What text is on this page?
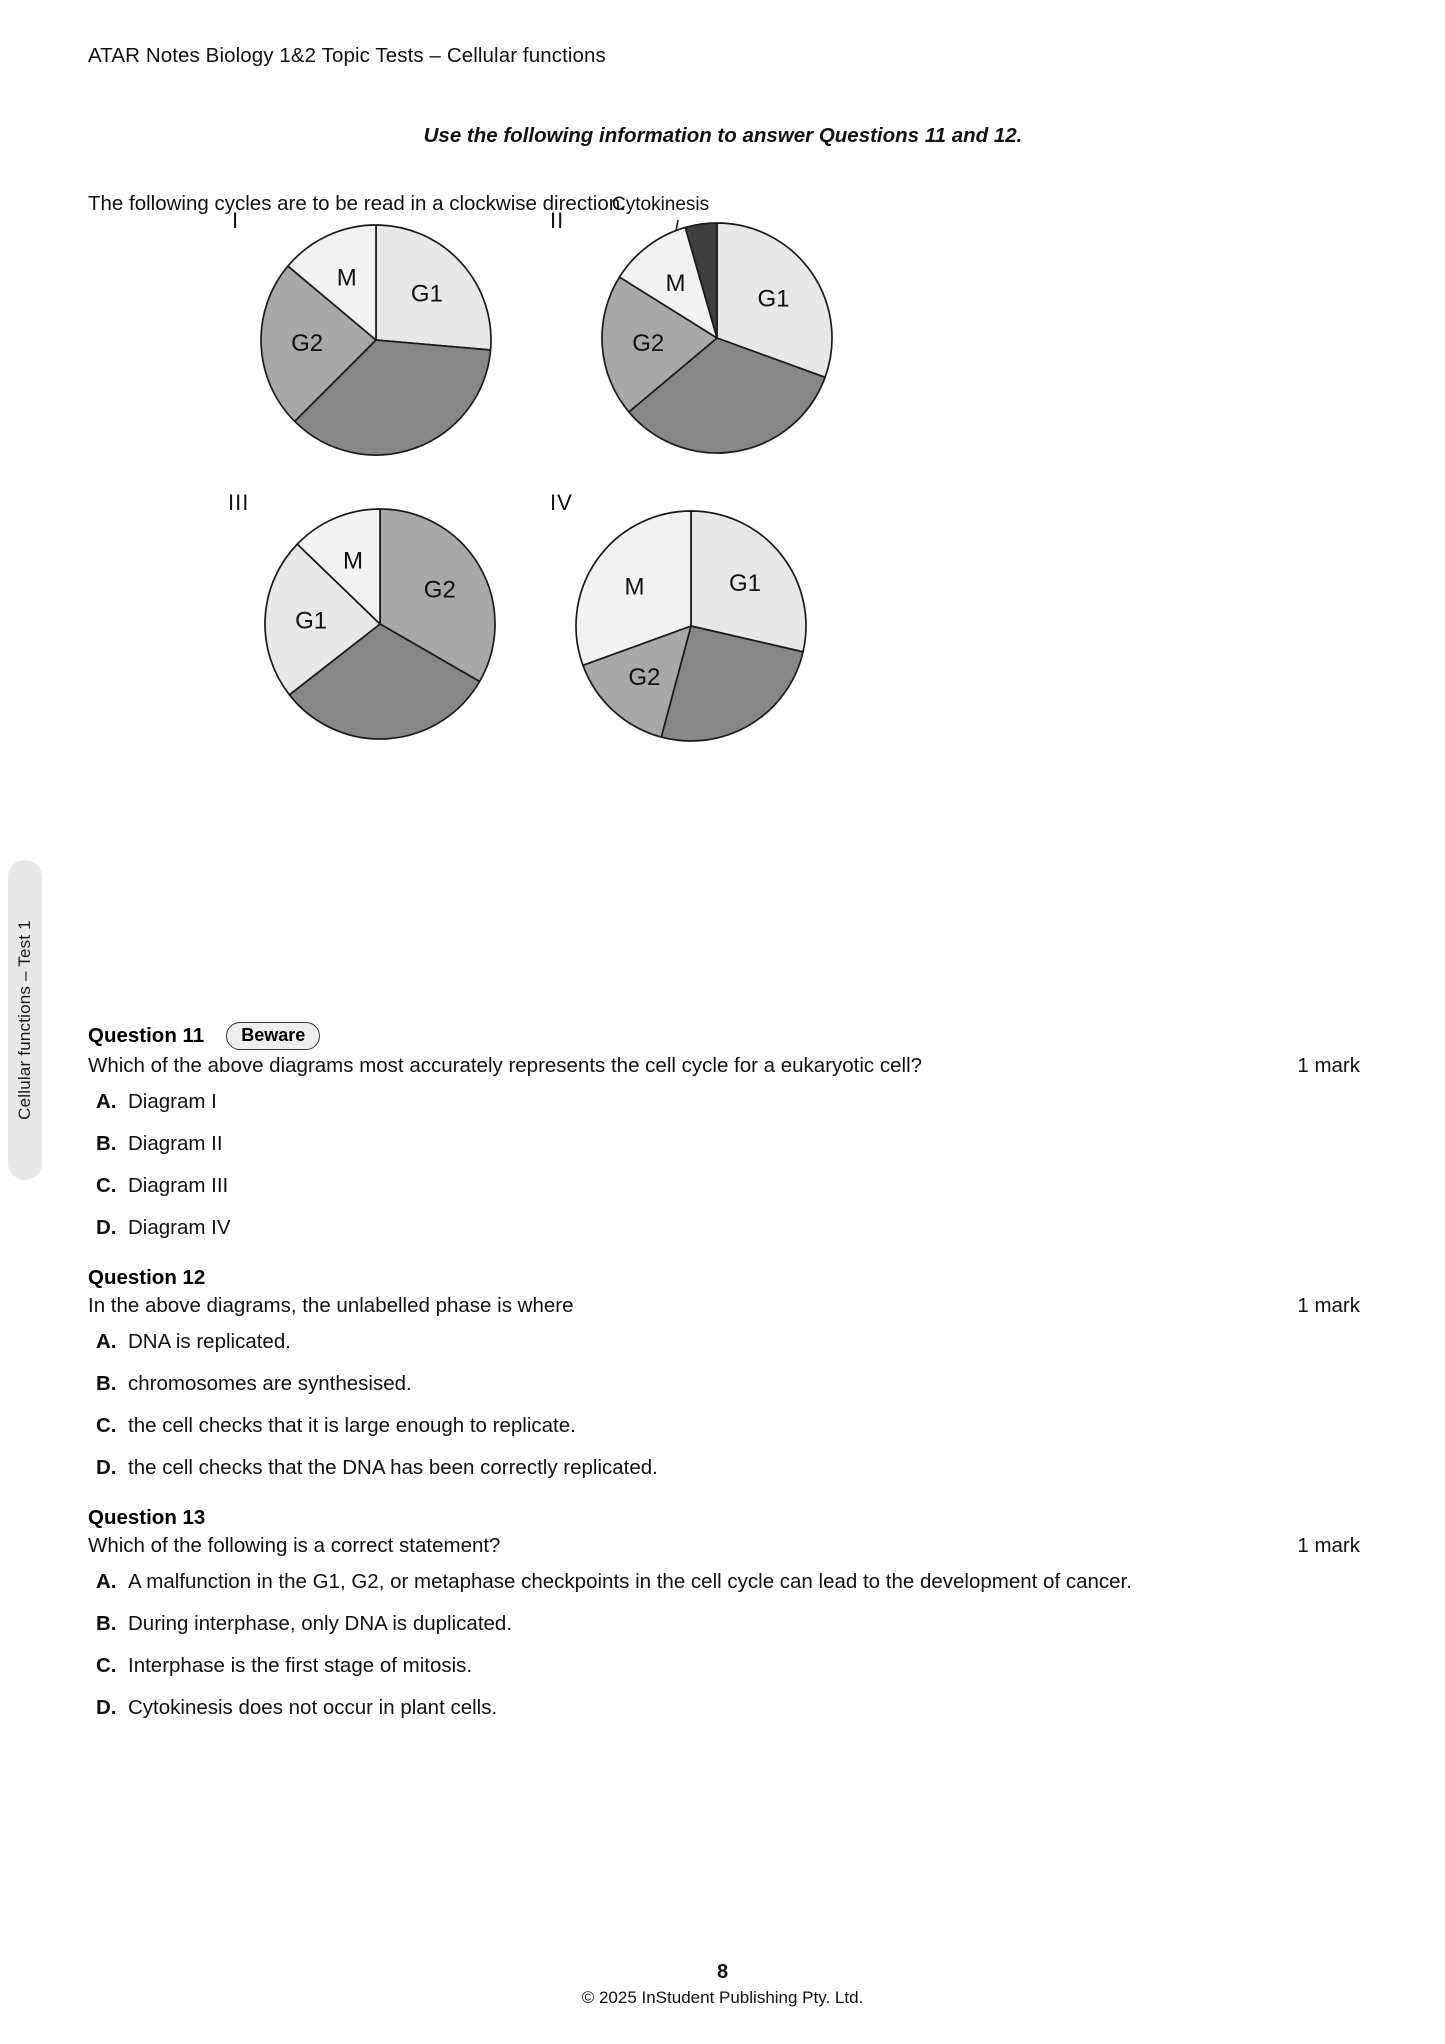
Cellular functions – Test 1
ATAR Notes Biology 1&2 Topic Tests – Cellular functions
Use the following information to answer Questions 11 and 12.
The following cycles are to be read in a clockwise direction.
I
G1
G2
M
II
Cytokinesis
G1
G2
M
III
G2
G1
M
IV
G1
G2
M
Question 11	Beware
Which of the above diagrams most accurately represents the cell cycle for a eukaryotic cell?	1 mark
A. Diagram I
B. Diagram II
C. Diagram III
D. Diagram IV
Question 12
In the above diagrams, the unlabelled phase is where	1 mark
A. DNA is replicated.
B. chromosomes are synthesised.
C. the cell checks that it is large enough to replicate.
D. the cell checks that the DNA has been correctly replicated.
Question 13
Which of the following is a correct statement?	1 mark
A. A malfunction in the G1, G2, or metaphase checkpoints in the cell cycle can lead to the development of cancer.
B. During interphase, only DNA is duplicated.
C. Interphase is the first stage of mitosis.
D. Cytokinesis does not occur in plant cells.
8
© 2025 InStudent Publishing Pty. Ltd.
